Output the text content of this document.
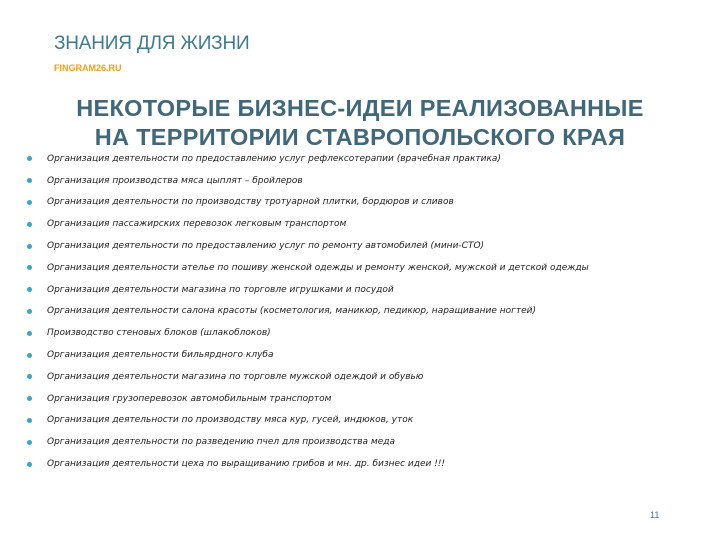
ЗНАНИЯ ДЛЯ ЖИЗНИ
FINGRAM26.RU
НЕКОТОРЫЕ БИЗНЕС-ИДЕИ РЕАЛИЗОВАННЫЕ
НА ТЕРРИТОРИИ СТАВРОПОЛЬСКОГО КРАЯ
Организация деятельности по предоставлению услуг рефлексотерапии (врачебная практика)
Организация производства мяса цыплят – бройлеров
Организация деятельности по производству тротуарной плитки, бордюров и сливов
Организация пассажирских перевозок легковым транспортом
Организация деятельности по предоставлению услуг по ремонту автомобилей (мини-СТО)
Организация деятельности ателье по пошиву женской одежды и ремонту женской, мужской и детской одежды
Организация деятельности магазина по торговле игрушками и посудой
Организация деятельности салона красоты (косметология, маникюр, педикюр, наращивание ногтей)
Производство стеновых блоков (шлакоблоков)
Организация деятельности бильярдного клуба
Организация деятельности магазина по торговле мужской одеждой и обувью
Организация грузоперевозок автомобильным транспортом
Организация деятельности по производству мяса кур, гусей, индюков, уток
Организация деятельности по разведению пчел для производства меда
Организация деятельности цеха по выращиванию грибов и мн. др. бизнес идеи !!!
11
